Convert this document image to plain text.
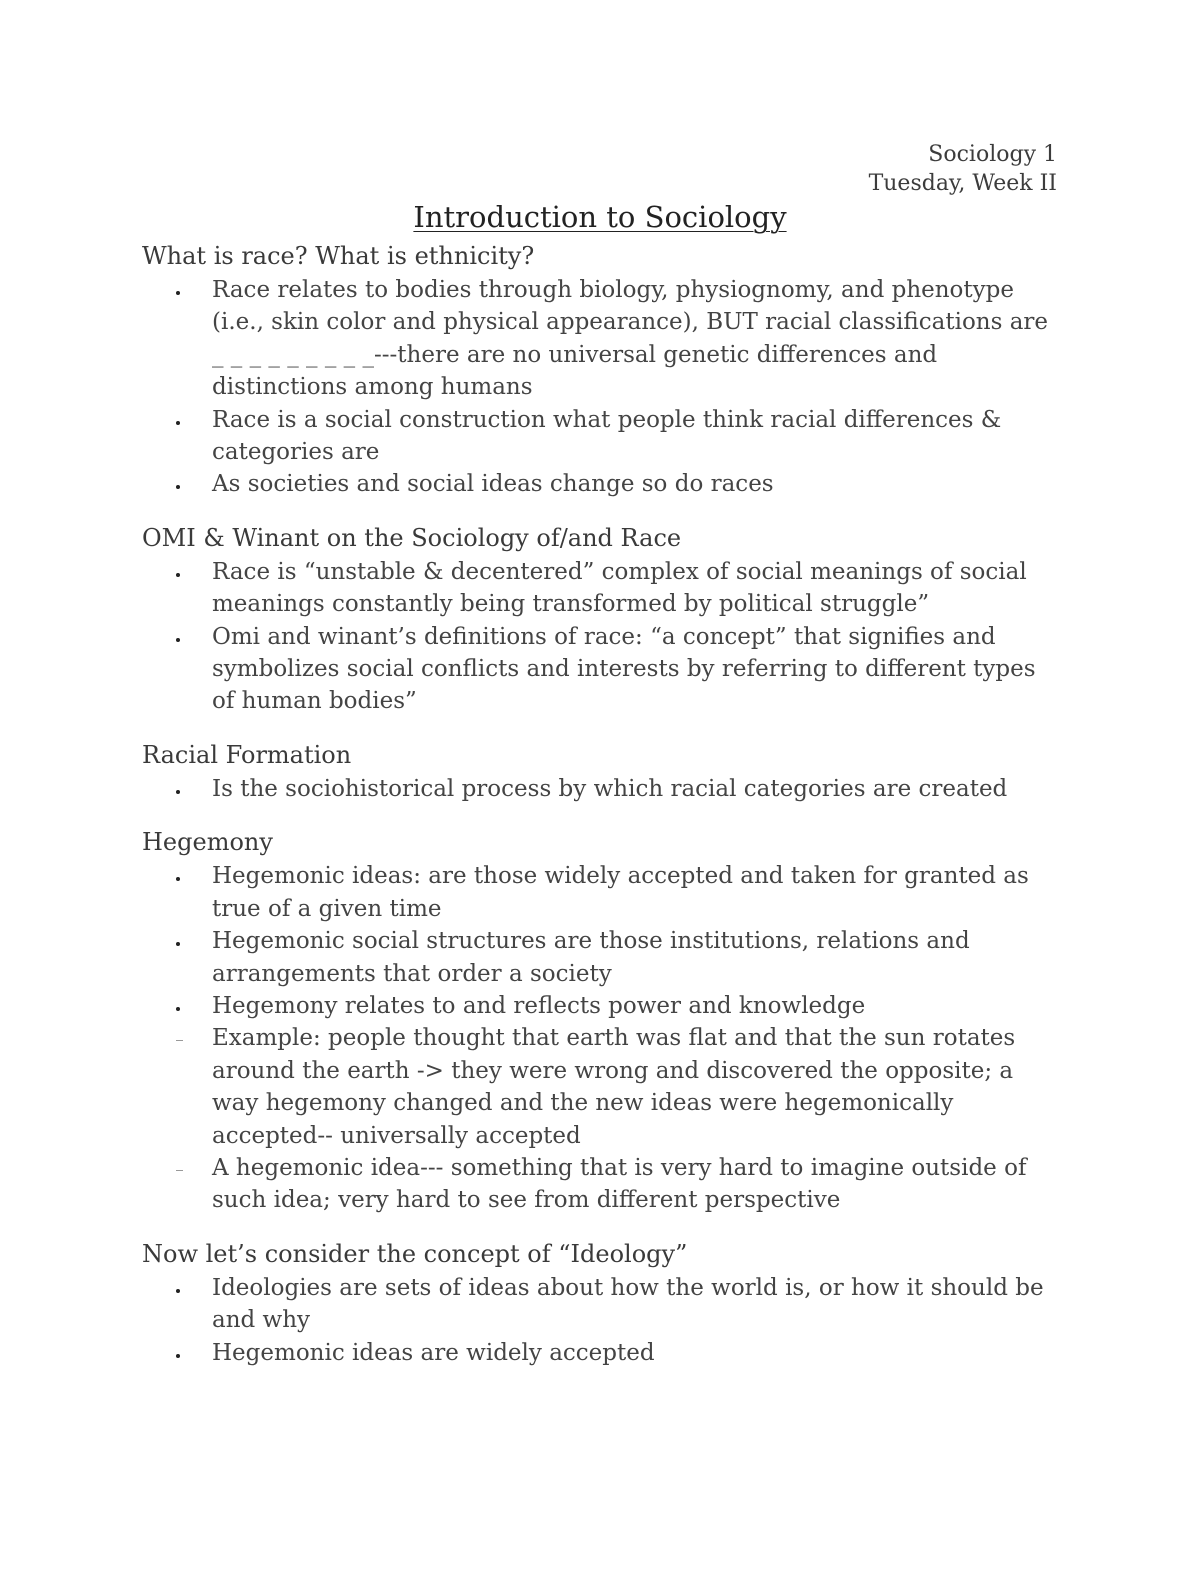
Sociology 1
Tuesday, Week II
Introduction to Sociology

What is race? What is ethnicity?

Race relates to bodies through biology, physiognomy, and phenotype (i.e., skin color and physical appearance), BUT racial classifications are _ _ _ _ _ _ _ _ _---there are no universal genetic differences and distinctions among humans
Race is a social construction what people think racial differences & categories are
As societies and social ideas change so do races

OMI & Winant on the Sociology of/and Race

Race is “unstable & decentered” complex of social meanings of social meanings constantly being transformed by political struggle”
Omi and winant’s definitions of race: “a concept” that signifies and symbolizes social conflicts and interests by referring to different types of human bodies”

Racial Formation

Is the sociohistorical process by which racial categories are created

Hegemony

Hegemonic ideas: are those widely accepted and taken for granted as true of a given time
Hegemonic social structures are those institutions, relations and arrangements that order a society
Hegemony relates to and reflects power and knowledge
Example: people thought that earth was flat and that the sun rotates around the earth -> they were wrong and discovered the opposite; a way hegemony changed and the new ideas were hegemonically accepted-- universally accepted
A hegemonic idea--- something that is very hard to imagine outside of such idea; very hard to see from different perspective

Now let’s consider the concept of “Ideology”

Ideologies are sets of ideas about how the world is, or how it should be and why
Hegemonic ideas are widely accepted
